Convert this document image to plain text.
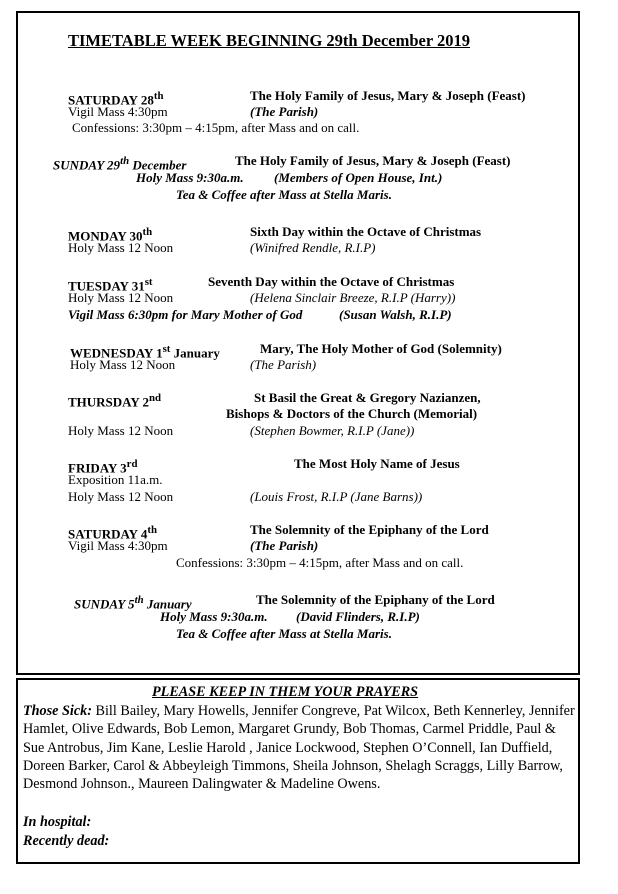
TIMETABLE WEEK BEGINNING 29th December 2019
SATURDAY 28th	The Holy Family of Jesus, Mary & Joseph (Feast)
Vigil Mass 4:30pm	(The Parish)
Confessions: 3:30pm – 4:15pm, after Mass and on call.
SUNDAY 29th December	The Holy Family of Jesus, Mary & Joseph (Feast)
Holy Mass 9:30a.m. (Members of Open House, Int.)
Tea & Coffee after Mass at Stella Maris.
MONDAY 30th	Sixth Day within the Octave of Christmas
Holy Mass 12 Noon	(Winifred Rendle, R.I.P)
TUESDAY 31st	Seventh Day within the Octave of Christmas
Holy Mass 12 Noon	(Helena Sinclair Breeze, R.I.P (Harry))
Vigil Mass 6:30pm for Mary Mother of God	(Susan Walsh, R.I.P)
WEDNESDAY 1st January	Mary, The Holy Mother of God (Solemnity)
Holy Mass 12 Noon	(The Parish)
THURSDAY 2nd	St Basil the Great & Gregory Nazianzen,
Bishops & Doctors of the Church (Memorial)
Holy Mass 12 Noon	(Stephen Bowmer, R.I.P (Jane))
FRIDAY 3rd	The Most Holy Name of Jesus
Exposition 11a.m.
Holy Mass 12 Noon	(Louis Frost, R.I.P (Jane Barns))
SATURDAY 4th	The Solemnity of the Epiphany of the Lord
Vigil Mass 4:30pm	(The Parish)
Confessions: 3:30pm – 4:15pm, after Mass and on call.
SUNDAY 5th January	The Solemnity of the Epiphany of the Lord
Holy Mass 9:30a.m. (David Flinders, R.I.P)
Tea & Coffee after Mass at Stella Maris.
PLEASE KEEP IN THEM YOUR PRAYERS

Those Sick: Bill Bailey, Mary Howells, Jennifer Congreve, Pat Wilcox, Beth Kennerley, Jennifer Hamlet, Olive Edwards, Bob Lemon, Margaret Grundy, Bob Thomas, Carmel Priddle, Paul & Sue Antrobus, Jim Kane, Leslie Harold , Janice Lockwood, Stephen O’Connell, Ian Duffield, Doreen Barker, Carol & Abbeyleigh Timmons, Sheila Johnson, Shelagh Scraggs, Lilly Barrow, Desmond Johnson., Maureen Dalingwater & Madeline Owens.

In hospital:
Recently dead:
